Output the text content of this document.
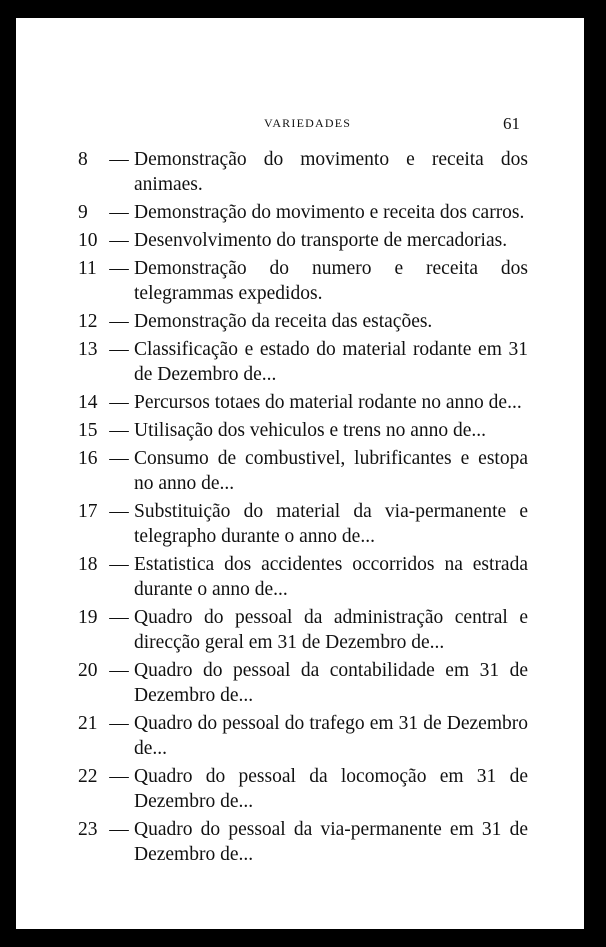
VARIEDADES	61
8	— Demonstração do movimento e receita dos animaes.
9	— Demonstração do movimento e receita dos carros.
10 — Desenvolvimento do transporte de mercadorias.
11 — Demonstração do numero e receita dos telegrammas expedidos.
12 — Demonstração da receita das estações.
13 — Classificação e estado do material rodante em 31 de Dezembro de...
14 — Percursos totaes do material rodante no anno de...
15 — Utilisação dos vehiculos e trens no anno de...
16 — Consumo de combustivel, lubrificantes e estopa no anno de...
17 — Substituição do material da via-permanente e telegrapho durante o anno de...
18 — Estatistica dos accidentes occorridos na estrada durante o anno de...
19 — Quadro do pessoal da administração central e direcção geral em 31 de Dezembro de...
20 — Quadro do pessoal da contabilidade em 31 de Dezembro de...
21 — Quadro do pessoal do trafego em 31 de Dezembro de...
22 — Quadro do pessoal da locomoção em 31 de Dezembro de...
23 — Quadro do pessoal da via-permanente em 31 de Dezembro de...
